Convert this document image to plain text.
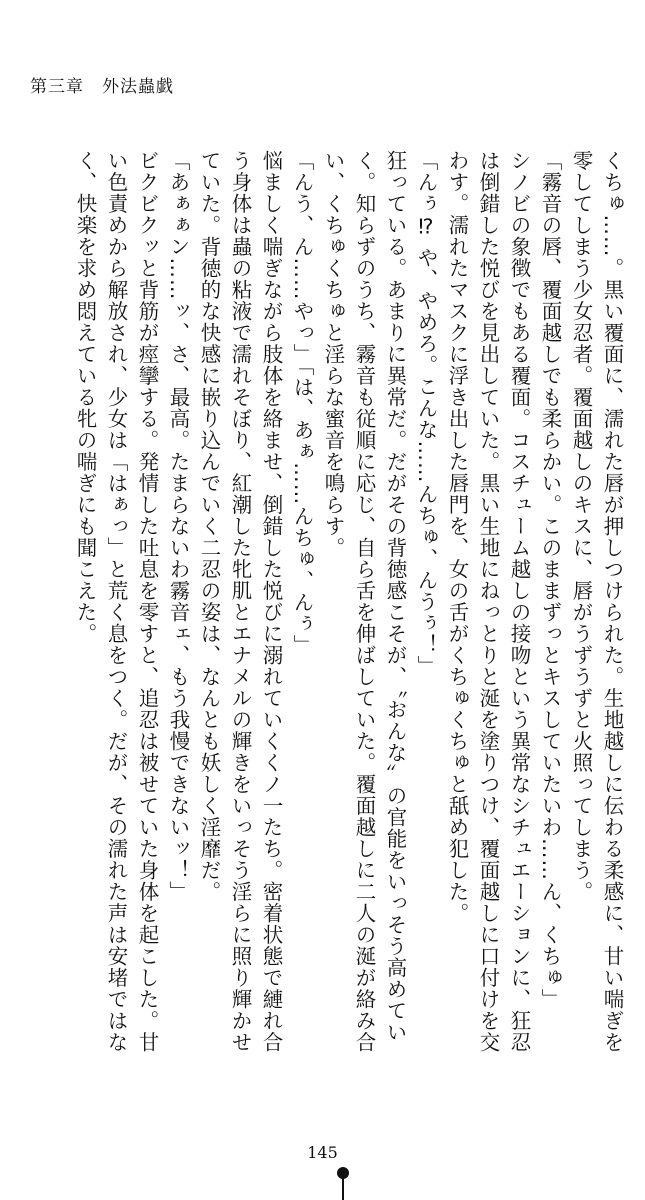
第三章　外法蟲戯

くちゅ……。黒い覆面に、濡れた唇が押しつけられた。生地越しに伝わる柔感に、甘い喘ぎを零してしまう少女忍者。覆面越しのキスに、唇がうずうずと火照ってしまう。

「霧音の唇、覆面越しでも柔らかい。このままずっとキスしていたいわ……ん、くちゅ」

シノビの象徴でもある覆面。コスチューム越しの接吻という異常なシチュエーションに、狂忍は倒錯した悦びを見出していた。黒い生地にねっとりと涎を塗りつけ、覆面越しに口付けを交わす。濡れたマスクに浮き出した唇門を、女の舌がくちゅくちゅと舐め犯した。

「んぅ⁉ や、やめろ。こんな……んちゅ、んうぅ！」

狂っている。あまりに異常だ。だがその背徳感こそが、〝おんな〟の官能をいっそう高めていく。知らずのうち、霧音も従順に応じ、自ら舌を伸ばしていた。覆面越しに二人の涎が絡み合い、くちゅくちゅと淫らな蜜音を鳴らす。

「んう、ん……やっ」「は、あぁ……んちゅ、んぅ」

悩ましく喘ぎながら肢体を絡ませ、倒錯した悦びに溺れていくくノ一たち。密着状態で縺れ合う身体は蟲の粘液で濡れそぼり、紅潮した牝肌とエナメルの輝きをいっそう淫らに照り輝かせていた。背徳的な快感に嵌り込んでいく二忍の姿は、なんとも妖しく淫靡だ。

「あぁぁン……ッ、さ、最高。たまらないわ霧音ェ、もう我慢できないッ！」

ビクビクッと背筋が痙攣する。発情した吐息を零すと、追忍は被せていた身体を起こした。甘い色責めから解放され、少女は「はぁっ」と荒く息をつく。だが、その濡れた声は安堵ではなく、快楽を求め悶えている牝の喘ぎにも聞こえた。

145
